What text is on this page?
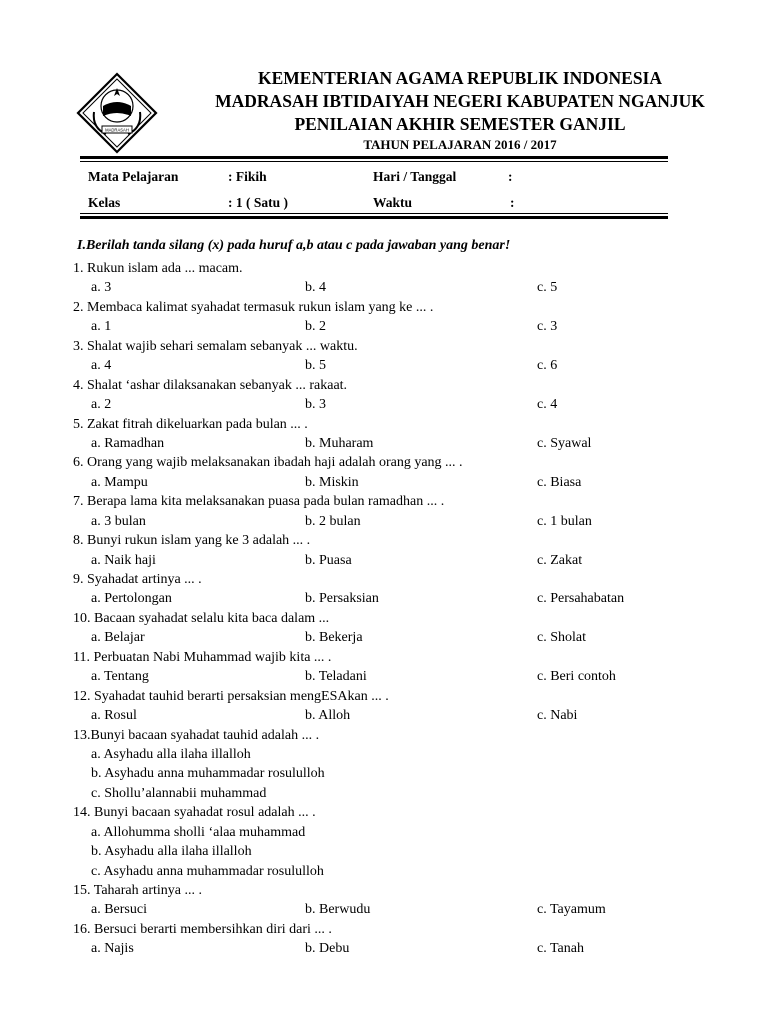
MADRASAH
KEMENTERIAN AGAMA REPUBLIK INDONESIA
MADRASAH IBTIDAIYAH NEGERI KABUPATEN NGANJUK
PENILAIAN AKHIR SEMESTER GANJIL
TAHUN PELAJARAN 2016 / 2017
Mata Pelajaran	: Fikih	Hari / Tanggal	:
Kelas	: 1 ( Satu )	Waktu	:
I.Berilah tanda silang (x) pada huruf a,b atau c pada jawaban yang benar!
1. Rukun islam ada ... macam.
a. 3	b. 4	c. 5
2. Membaca kalimat syahadat termasuk rukun islam yang ke ... .
a. 1	b. 2	c. 3
3. Shalat wajib sehari semalam sebanyak ... waktu.
a. 4	b. 5	c. 6
4. Shalat ‘ashar dilaksanakan sebanyak ... rakaat.
a. 2	b. 3	c. 4
5. Zakat fitrah dikeluarkan pada bulan ... .
a. Ramadhan	b. Muharam	c. Syawal
6. Orang yang wajib melaksanakan ibadah haji adalah orang yang ... .
a. Mampu	b. Miskin	c. Biasa
7. Berapa lama kita melaksanakan puasa pada bulan ramadhan ... .
a. 3 bulan	b. 2 bulan	c. 1 bulan
8. Bunyi rukun islam yang ke 3 adalah ... .
a. Naik haji	b. Puasa	c. Zakat
9. Syahadat artinya ... .
a. Pertolongan	b. Persaksian	c. Persahabatan
10. Bacaan syahadat selalu kita baca dalam ...
a. Belajar	b. Bekerja	c. Sholat
11. Perbuatan Nabi Muhammad wajib kita ... .
a. Tentang	b. Teladani	c. Beri contoh
12. Syahadat tauhid berarti persaksian mengESAkan ... .
a. Rosul	b. Alloh	c. Nabi
13.Bunyi bacaan syahadat tauhid adalah ... .
a. Asyhadu alla ilaha illalloh
b. Asyhadu anna muhammadar rosululloh
c. Shollu’alannabii muhammad
14. Bunyi bacaan syahadat rosul adalah ... .
a. Allohumma sholli ‘alaa muhammad
b. Asyhadu alla ilaha illalloh
c. Asyhadu anna muhammadar rosululloh
15. Taharah artinya ... .
a. Bersuci	b. Berwudu	c. Tayamum
16. Bersuci berarti membersihkan diri dari ... .
a. Najis	b. Debu	c. Tanah
